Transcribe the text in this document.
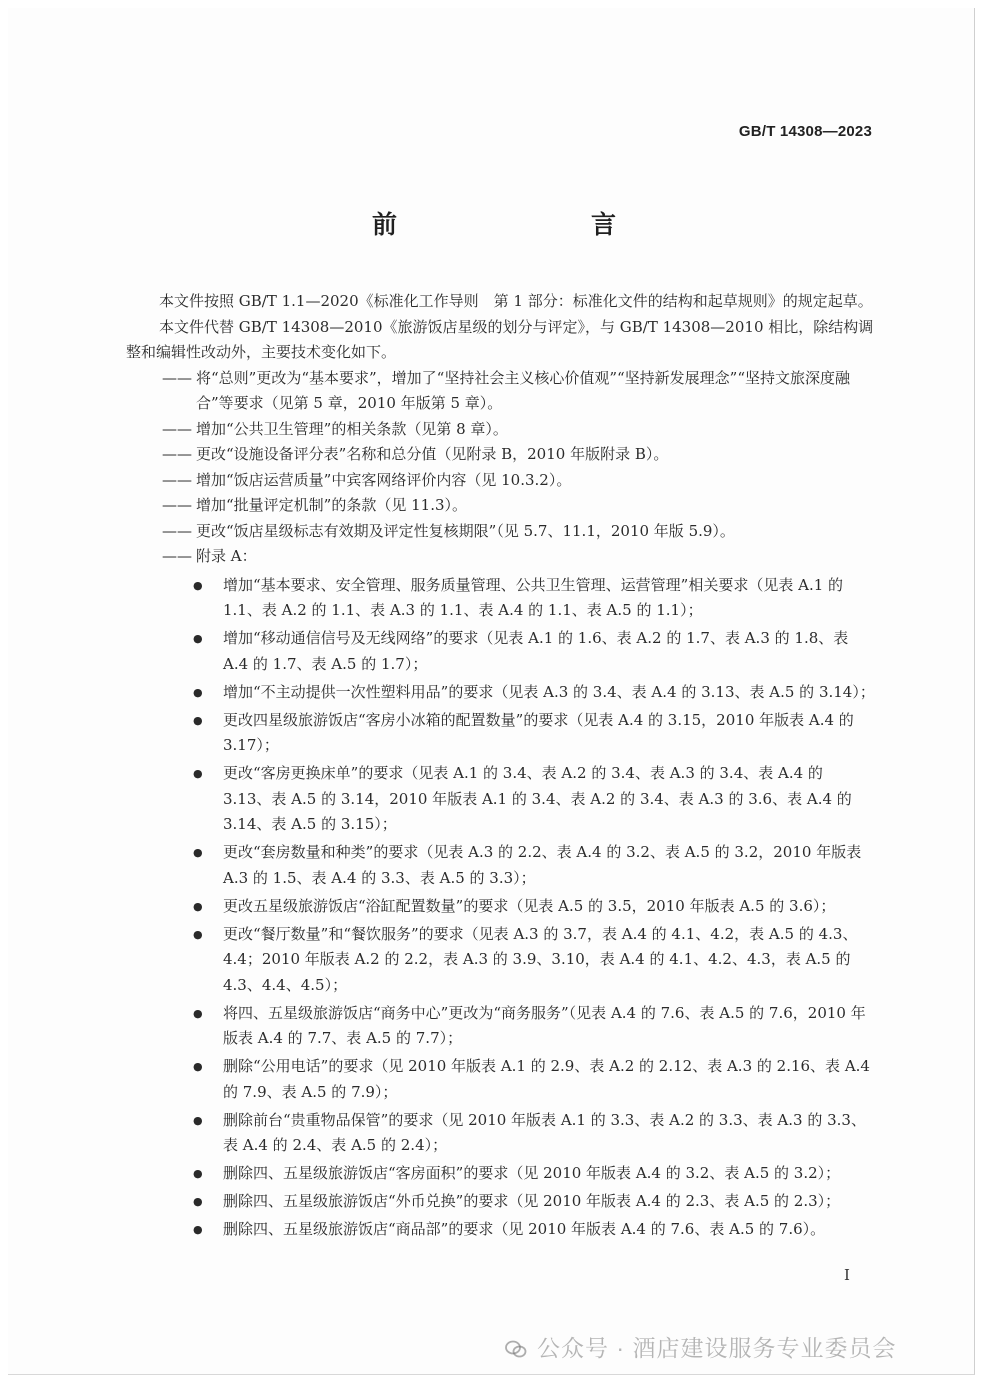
GB/T 14308—2023
前　　言

本文件按照 GB/T 1.1—2020《标准化工作导则　第 1 部分：标准化文件的结构和起草规则》的规定起草。

本文件代替 GB/T 14308—2010《旅游饭店星级的划分与评定》，与 GB/T 14308—2010 相比，除结构调整和编辑性改动外，主要技术变化如下。

—— 将“总则”更改为“基本要求”，增加了“坚持社会主义核心价值观”“坚持新发展理念”“坚持文旅深度融合”等要求（见第 5 章，2010 年版第 5 章）。
—— 增加“公共卫生管理”的相关条款（见第 8 章）。
—— 更改“设施设备评分表”名称和总分值（见附录 B，2010 年版附录 B）。
—— 增加“饭店运营质量”中宾客网络评价内容（见 10.3.2）。
—— 增加“批量评定机制”的条款（见 11.3）。
—— 更改“饭店星级标志有效期及评定性复核期限”（见 5.7、11.1，2010 年版 5.9）。
—— 附录 A：
●	增加“基本要求、安全管理、服务质量管理、公共卫生管理、运营管理”相关要求（见表 A.1 的 1.1、表 A.2 的 1.1、表 A.3 的 1.1、表 A.4 的 1.1、表 A.5 的 1.1）；
●	增加“移动通信信号及无线网络”的要求（见表 A.1 的 1.6、表 A.2 的 1.7、表 A.3 的 1.8、表 A.4 的 1.7、表 A.5 的 1.7）；
●	增加“不主动提供一次性塑料用品”的要求（见表 A.3 的 3.4、表 A.4 的 3.13、表 A.5 的 3.14）；
●	更改四星级旅游饭店“客房小冰箱的配置数量”的要求（见表 A.4 的 3.15，2010 年版表 A.4 的 3.17）；
●	更改“客房更换床单”的要求（见表 A.1 的 3.4、表 A.2 的 3.4、表 A.3 的 3.4、表 A.4 的 3.13、表 A.5 的 3.14，2010 年版表 A.1 的 3.4、表 A.2 的 3.4、表 A.3 的 3.6、表 A.4 的 3.14、表 A.5 的 3.15）；
●	更改“套房数量和种类”的要求（见表 A.3 的 2.2、表 A.4 的 3.2、表 A.5 的 3.2，2010 年版表 A.3 的 1.5、表 A.4 的 3.3、表 A.5 的 3.3）；
●	更改五星级旅游饭店“浴缸配置数量”的要求（见表 A.5 的 3.5，2010 年版表 A.5 的 3.6）；
●	更改“餐厅数量”和“餐饮服务”的要求（见表 A.3 的 3.7，表 A.4 的 4.1、4.2，表 A.5 的 4.3、4.4；2010 年版表 A.2 的 2.2，表 A.3 的 3.9、3.10，表 A.4 的 4.1、4.2、4.3，表 A.5 的 4.3、4.4、4.5）；
●	将四、五星级旅游饭店“商务中心”更改为“商务服务”（见表 A.4 的 7.6、表 A.5 的 7.6，2010 年版表 A.4 的 7.7、表 A.5 的 7.7）；
●	删除“公用电话”的要求（见 2010 年版表 A.1 的 2.9、表 A.2 的 2.12、表 A.3 的 2.16、表 A.4 的 7.9、表 A.5 的 7.9）；
●	删除前台“贵重物品保管”的要求（见 2010 年版表 A.1 的 3.3、表 A.2 的 3.3、表 A.3 的 3.3、表 A.4 的 2.4、表 A.5 的 2.4）；
●	删除四、五星级旅游饭店“客房面积”的要求（见 2010 年版表 A.4 的 3.2、表 A.5 的 3.2）；
●	删除四、五星级旅游饭店“外币兑换”的要求（见 2010 年版表 A.4 的 2.3、表 A.5 的 2.3）；
●	删除四、五星级旅游饭店“商品部”的要求（见 2010 年版表 A.4 的 7.6、表 A.5 的 7.6）。
I
公众号 · 酒店建设服务专业委员会
